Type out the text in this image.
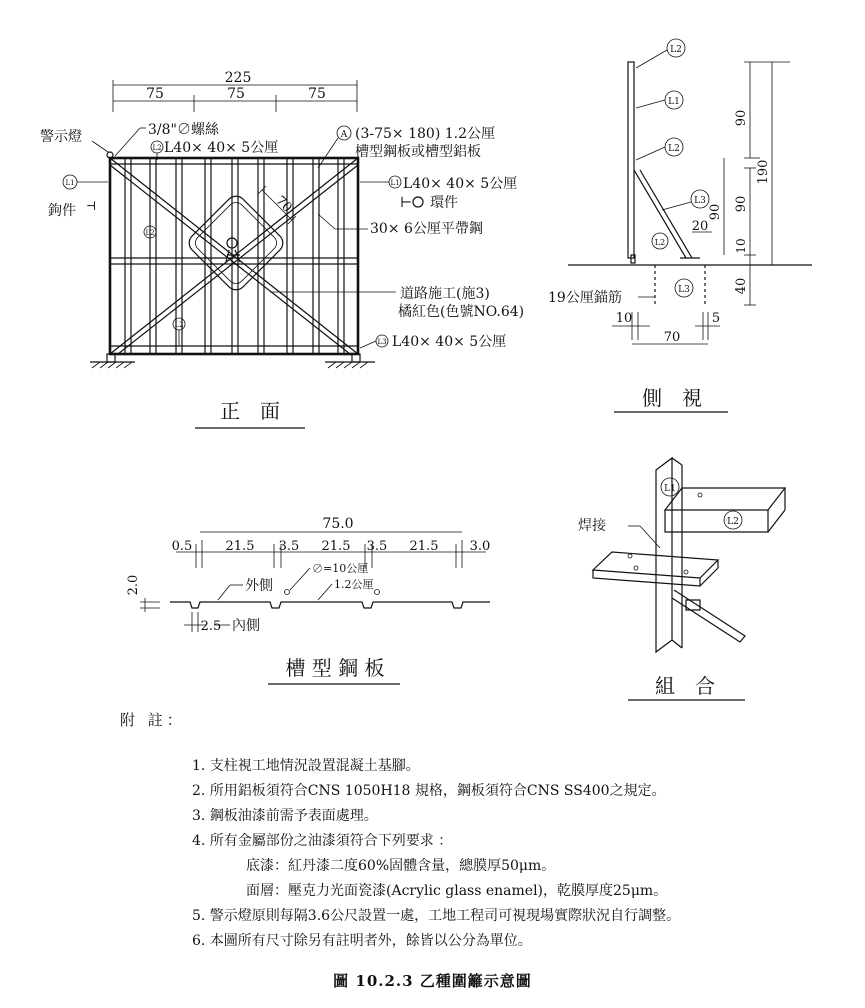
225
75	75	75
70
警示燈	3/8"∅螺絲
L2 L40× 40× 5公厘
A (3-75× 180) 1.2公厘
槽型鋼板或槽型鋁板
L1 L40× 40× 5公厘
⊢ 環件
30× 6公厘平帶鋼
L1
鉤件 ⊣
L2
L2
道路施工(施3)
橘紅色(色號NO.64)
L3 L40× 40× 5公厘
正　面
L2
L1
L2
L3
L2
L3
90
190
90 90
10
20
40
19公厘錨筋
10	5
70
側　視
75.0
0.5	21.5 3.5 21.5 3.5 21.5 3.0
∅=10公厘
1.2公厘
外側
內側
2.0
2.5
槽 型 鋼 板
L1
L2
焊接
組　合
附 註：
1. 支柱視工地情況設置混凝土基腳。
2. 所用鋁板須符合CNS 1050H18 規格，鋼板須符合CNS SS400之規定。
3. 鋼板油漆前需予表面處理。
4. 所有金屬部份之油漆須符合下列要求 ：
底漆：紅丹漆二度60%固體含量，總膜厚50μm。
面層：壓克力光面瓷漆(Acrylic glass enamel)，乾膜厚度25μm。
5. 警示燈原則每隔3.6公尺設置一處，工地工程司可視現場實際狀況自行調整。
6. 本圖所有尺寸除另有註明者外，餘皆以公分為單位。
圖 10.2.3 乙種圍籬示意圖
